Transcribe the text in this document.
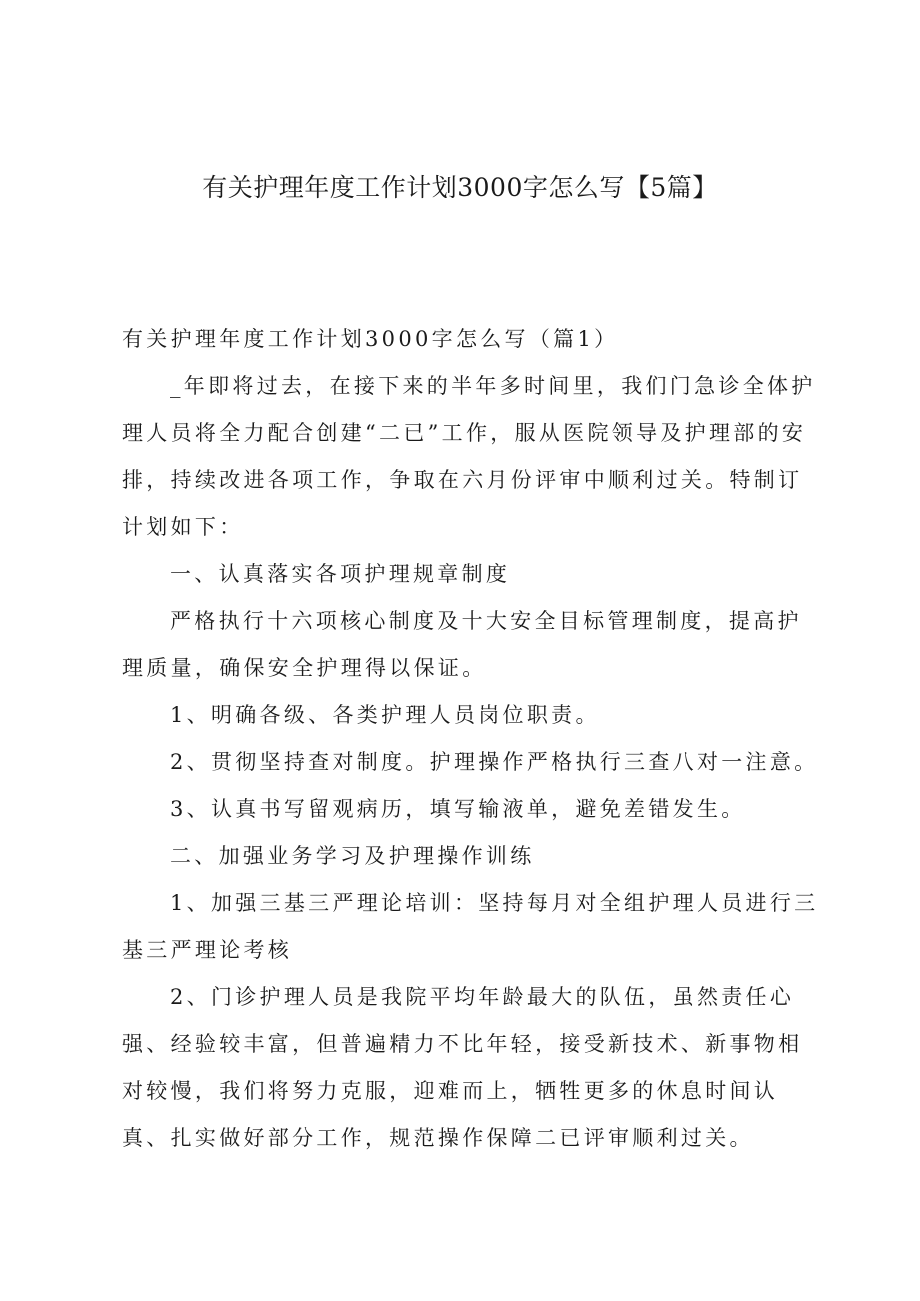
有关护理年度工作计划3000字怎么写【5篇】

有关护理年度工作计划3000字怎么写（篇1）

_年即将过去，在接下来的半年多时间里，我们门急诊全体护理人员将全力配合创建“二已”工作，服从医院领导及护理部的安排，持续改进各项工作，争取在六月份评审中顺利过关。特制订计划如下：

一、认真落实各项护理规章制度

严格执行十六项核心制度及十大安全目标管理制度，提高护理质量，确保安全护理得以保证。

1、明确各级、各类护理人员岗位职责。

2、贯彻坚持查对制度。护理操作严格执行三查八对一注意。

3、认真书写留观病历，填写输液单，避免差错发生。

二、加强业务学习及护理操作训练

1、加强三基三严理论培训：坚持每月对全组护理人员进行三基三严理论考核

2、门诊护理人员是我院平均年龄最大的队伍，虽然责任心强、经验较丰富，但普遍精力不比年轻，接受新技术、新事物相对较慢，我们将努力克服，迎难而上，牺牲更多的休息时间认真、扎实做好部分工作，规范操作保障二已评审顺利过关。
